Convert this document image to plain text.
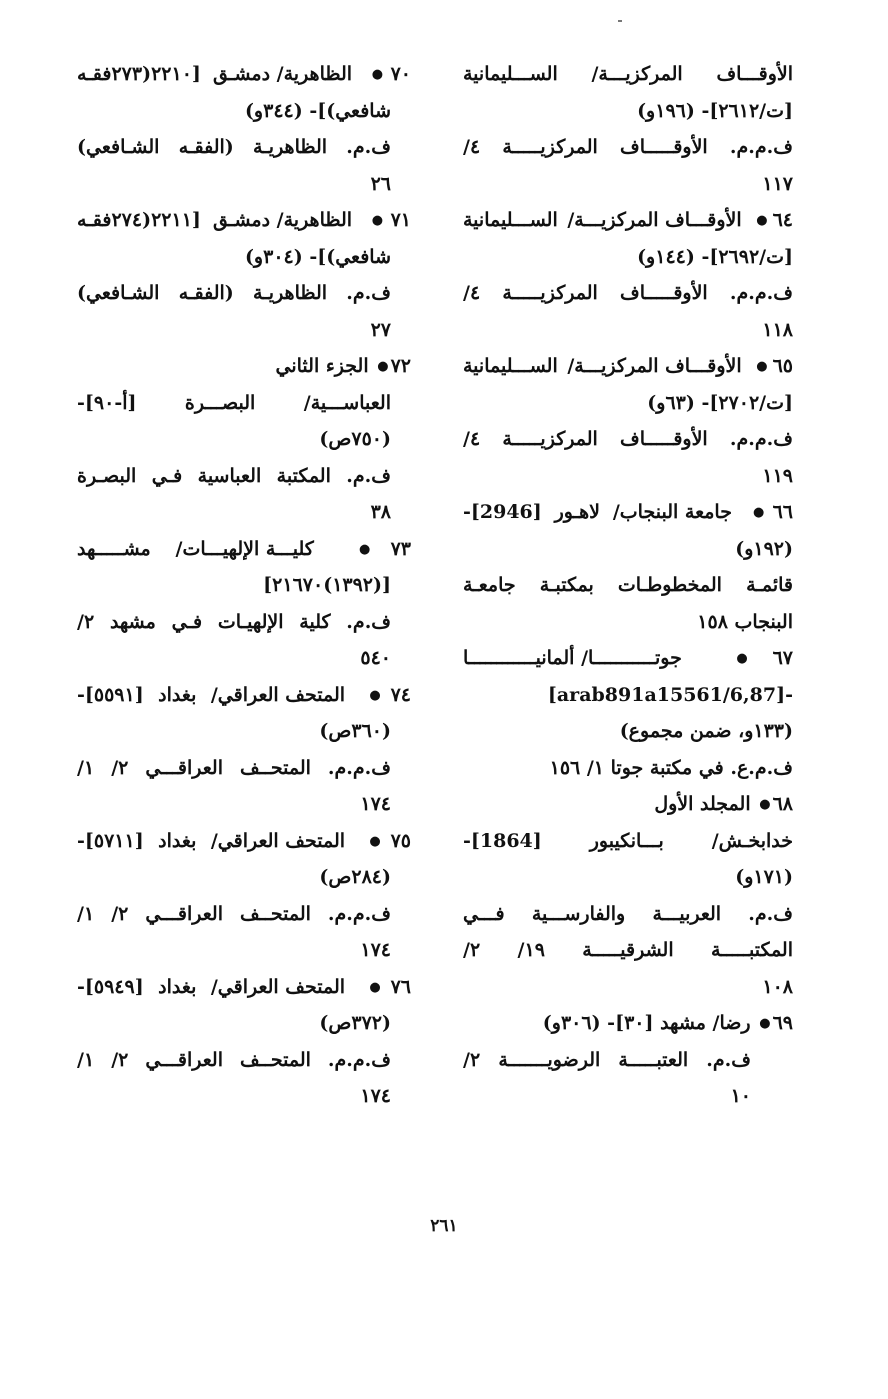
الأوقـــاف المركزيـــة/ الســـليمانية
[ت/٢٦١٢]- (١٩٦و)
ف.م.م. الأوقـــــاف المركزيـــــة ٤/
١١٧
٦٤● الأوقـــاف المركزيـــة/ الســـليمانية
[ت/٢٦٩٢]- (١٤٤و)
ف.م.م. الأوقـــــاف المركزيـــــة ٤/
١١٨
٦٥● الأوقـــاف المركزيـــة/ الســـليمانية
[ت/٢٧٠٢]- (٦٣و)
ف.م.م. الأوقـــــاف المركزيـــــة ٤/
١١٩
٦٦● جامعة البنجاب/ لاهـور [2946]-
(١٩٢و)
قائمـة المخطوطـات بمكتبـة جامعـة
البنجاب ١٥٨
٦٧● جوتـــــــــــا/ ألمانيــــــــــــا
-[87,arab891a15561/6]
(١٣٣و، ضمن مجموع)
ف.م.ع. في مكتبة جوتا ١/ ١٥٦
٦٨● المجلد الأول
خدابخـش/ بـــانكيبور [1864]-
(١٧١و)
ف.م. العربيـــة والفارســـية فـــي
المكتبـــــة الشرقيـــــة ١٩/ ٢/
١٠٨
٦٩● رضا/ مشهد [٣٠]- (٣٠٦و)
ف.م. العتبـــــة الرضويـــــــة ٢/
١٠
٧٠● الظاهرية/ دمشـق [٢٢١٠(٢٧٣فقـه
شافعي)]- (٣٤٤و)
ف.م. الظاهريـة (الفقـه الشـافعي)
٢٦
٧١● الظاهرية/ دمشـق [٢٢١١(٢٧٤فقـه
شافعي)]- (٣٠٤و)
ف.م. الظاهريـة (الفقـه الشـافعي)
٢٧
٧٢● الجزء الثاني
العباســـية/ البصـــرة [أ-٩٠]-
(٧٥٠ص)
ف.م. المكتبة العباسية فـي البصـرة
٣٨
٧٣● كليـــة الإلهيـــات/ مشـــــهد
[(١٣٩٢)٢١٦٧٠]
ف.م. كلية الإلهيـات فـي مشهد ٢/
٥٤٠
٧٤● المتحف العراقي/ بغداد [٥٥٩١]-
(٣٦٠ص)
ف.م.م. المتحــف العراقـــي ٢/ ١/
١٧٤
٧٥● المتحف العراقي/ بغداد [٥٧١١]-
(٢٨٤ص)
ف.م.م. المتحــف العراقـــي ٢/ ١/
١٧٤
٧٦● المتحف العراقي/ بغداد [٥٩٤٩]-
(٣٧٢ص)
ف.م.م. المتحــف العراقـــي ٢/ ١/
١٧٤
٢٦١
